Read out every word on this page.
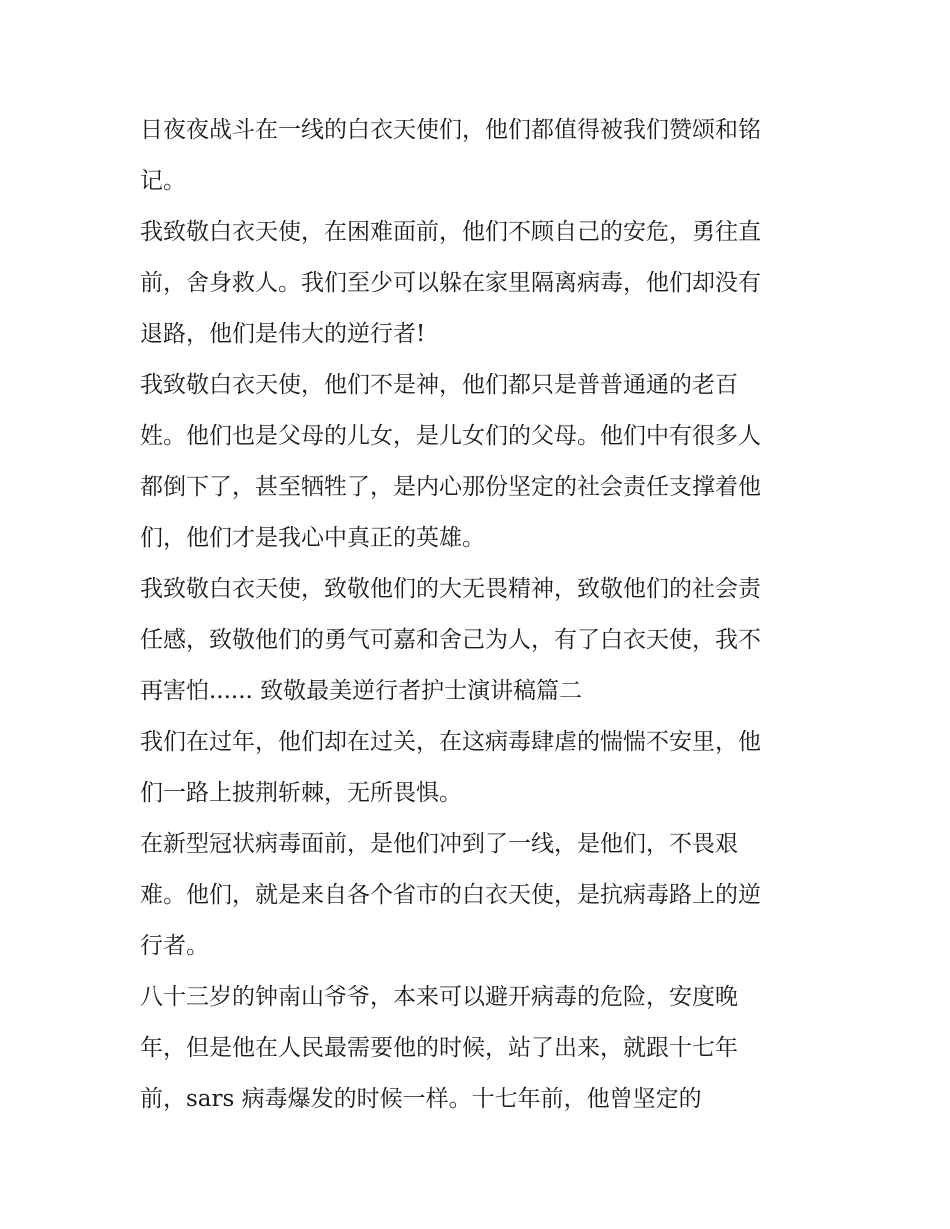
日夜夜战斗在一线的白衣天使们，他们都值得被我们赞颂和铭
记。
我致敬白衣天使，在困难面前，他们不顾自己的安危，勇往直
前，舍身救人。我们至少可以躲在家里隔离病毒，他们却没有
退路，他们是伟大的逆行者!
我致敬白衣天使，他们不是神，他们都只是普普通通的老百
姓。他们也是父母的儿女，是儿女们的父母。他们中有很多人
都倒下了，甚至牺牲了，是内心那份坚定的社会责任支撑着他
们，他们才是我心中真正的英雄。
我致敬白衣天使，致敬他们的大无畏精神，致敬他们的社会责
任感，致敬他们的勇气可嘉和舍己为人，有了白衣天使，我不
再害怕...... 致敬最美逆行者护士演讲稿篇二
我们在过年，他们却在过关，在这病毒肆虐的惴惴不安里，他
们一路上披荆斩棘，无所畏惧。
在新型冠状病毒面前，是他们冲到了一线，是他们，不畏艰
难。他们，就是来自各个省市的白衣天使，是抗病毒路上的逆
行者。
八十三岁的钟南山爷爷，本来可以避开病毒的危险，安度晚
年，但是他在人民最需要他的时候，站了出来，就跟十七年
前，sars 病毒爆发的时候一样。十七年前，他曾坚定的
